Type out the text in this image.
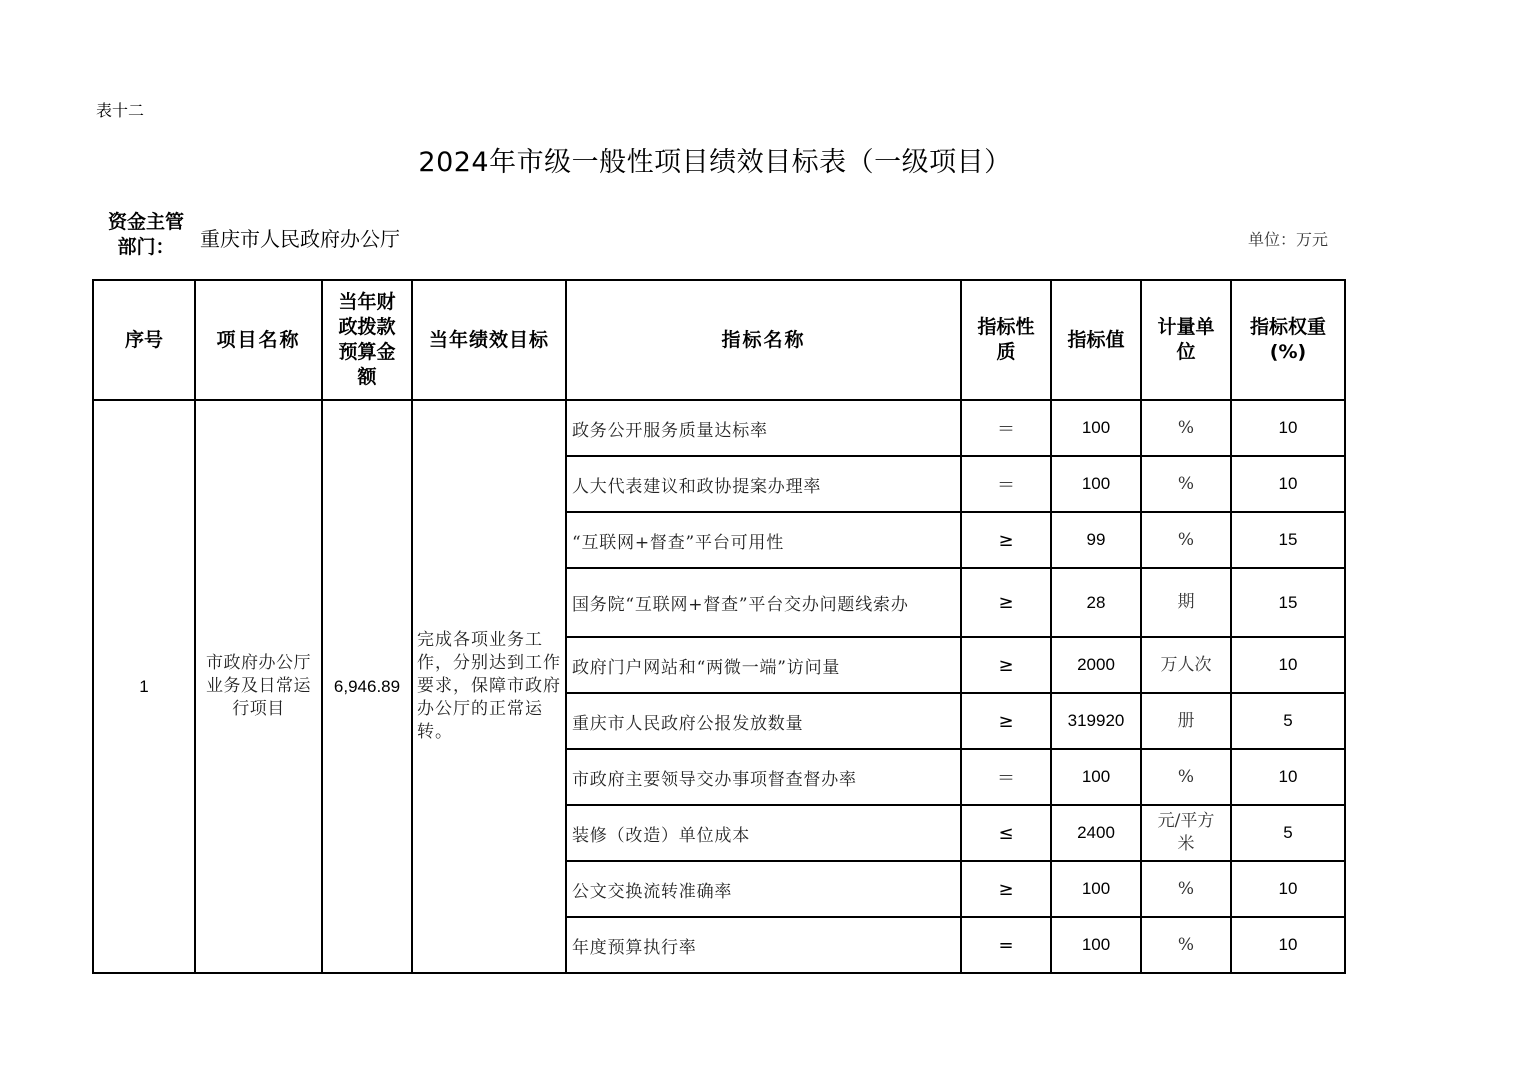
表十二
2024年市级一般性项目绩效目标表（一级项目）
资金主管部门：	重庆市人民政府办公厅	单位：万元
序号	项目名称	当年财政拨款预算金额	当年绩效目标	指标名称	指标性质	指标值	计量单位	指标权重(%)
1	市政府办公厅业务及日常运行项目	6,946.89	完成各项业务工作，分别达到工作要求，保障市政府办公厅的正常运转。	政务公开服务质量达标率	＝	100	%	10
				人大代表建议和政协提案办理率	＝	100	%	10
				“互联网+督查”平台可用性	≥	99	%	15
				国务院“互联网+督查”平台交办问题线索办	≥	28	期	15
				政府门户网站和“两微一端”访问量	≥	2000	万人次	10
				重庆市人民政府公报发放数量	≥	319920	册	5
				市政府主要领导交办事项督查督办率	＝	100	%	10
				装修（改造）单位成本	≤	2400	元/平方米	5
				公文交换流转准确率	≥	100	%	10
				年度预算执行率	=	100	%	10
